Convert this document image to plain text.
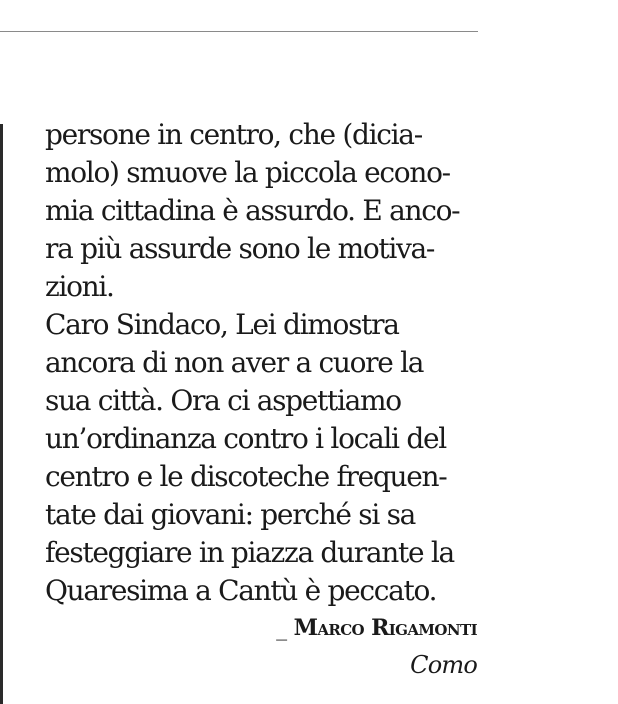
persone in centro, che (dicia-
molo) smuove la piccola econo-
mia cittadina è assurdo. E anco-
ra più assurde sono le motiva-
zioni.
Caro Sindaco, Lei dimostra
ancora di non aver a cuore la
sua città. Ora ci aspettiamo
un’ordinanza contro i locali del
centro e le discoteche frequen-
tate dai giovani: perché si sa
festeggiare in piazza durante la
Quaresima a Cantù è peccato.
_ Marco Rigamonti
Como
